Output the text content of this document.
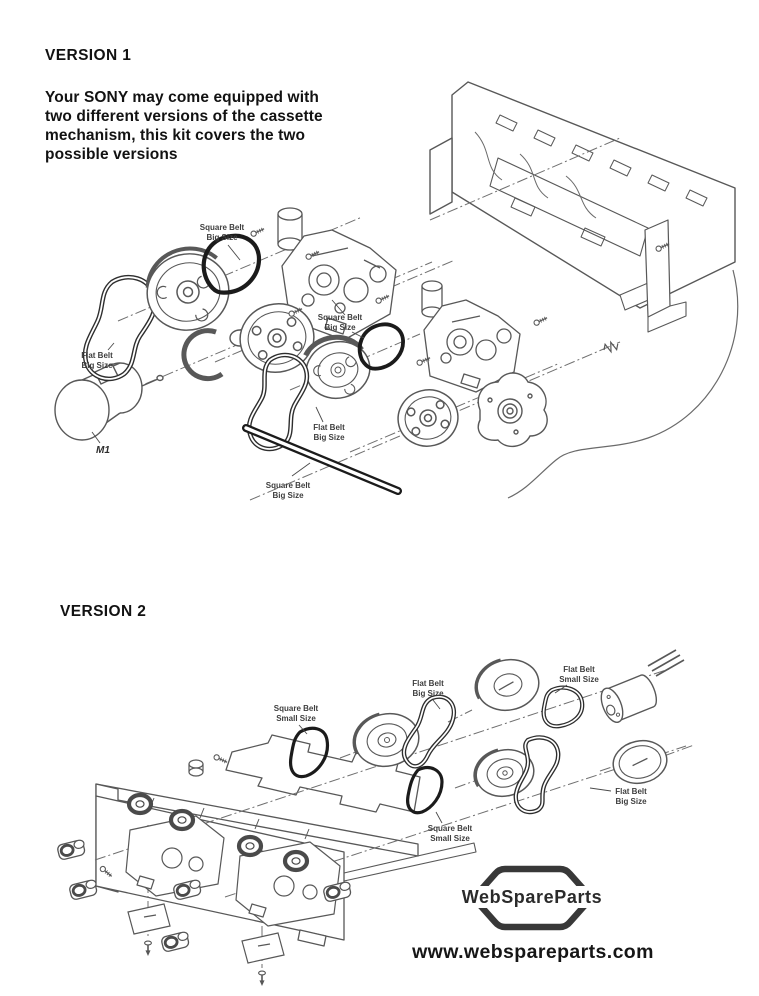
VERSION 1
Your SONY may come equipped with
two different versions of the cassette
mechanism, this kit covers the two
possible versions
VERSION 2
Square Belt
Big Size
Square Belt
Big Size
Flat Belt
Big Size
Flat Belt
Big Size
Square Belt
Big Size
M1
Square Belt
Small Size
Flat Belt
Big Size
Flat Belt
Small Size
Square Belt
Small Size
Flat Belt
Big Size
WebSpareParts
www.webspareparts.com
